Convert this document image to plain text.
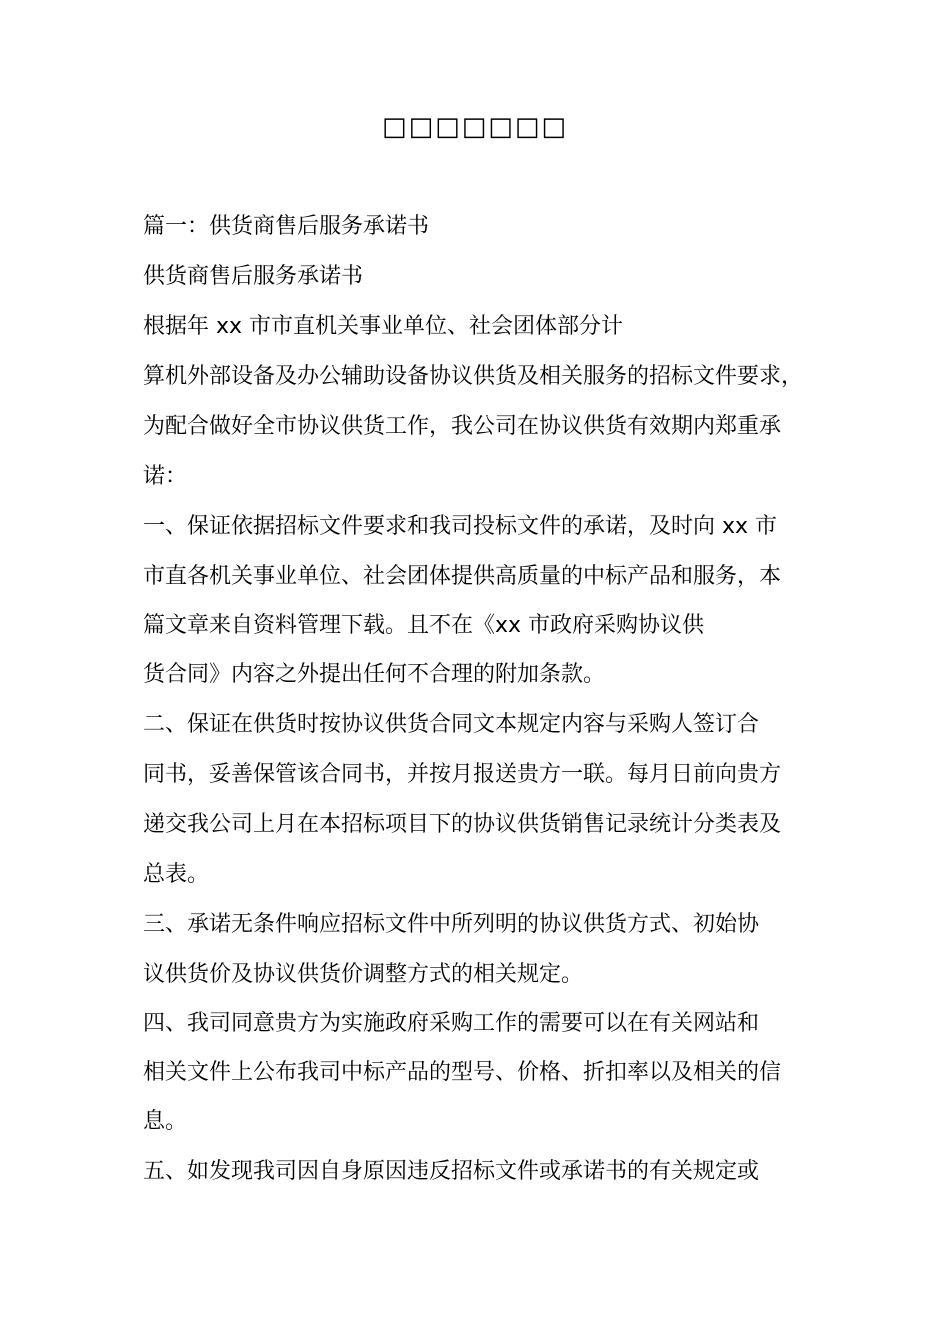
□□□□□□□
篇一：供货商售后服务承诺书
供货商售后服务承诺书
根据年 xx 市市直机关事业单位、社会团体部分计
算机外部设备及办公辅助设备协议供货及相关服务的招标文件要求，
为配合做好全市协议供货工作，我公司在协议供货有效期内郑重承
诺：
一、保证依据招标文件要求和我司投标文件的承诺，及时向 xx 市
市直各机关事业单位、社会团体提供高质量的中标产品和服务，本
篇文章来自资料管理下载。且不在《xx 市政府采购协议供
货合同》内容之外提出任何不合理的附加条款。
二、保证在供货时按协议供货合同文本规定内容与采购人签订合
同书，妥善保管该合同书，并按月报送贵方一联。每月日前向贵方
递交我公司上月在本招标项目下的协议供货销售记录统计分类表及
总表。
三、承诺无条件响应招标文件中所列明的协议供货方式、初始协
议供货价及协议供货价调整方式的相关规定。
四、我司同意贵方为实施政府采购工作的需要可以在有关网站和
相关文件上公布我司中标产品的型号、价格、折扣率以及相关的信
息。
五、如发现我司因自身原因违反招标文件或承诺书的有关规定或
